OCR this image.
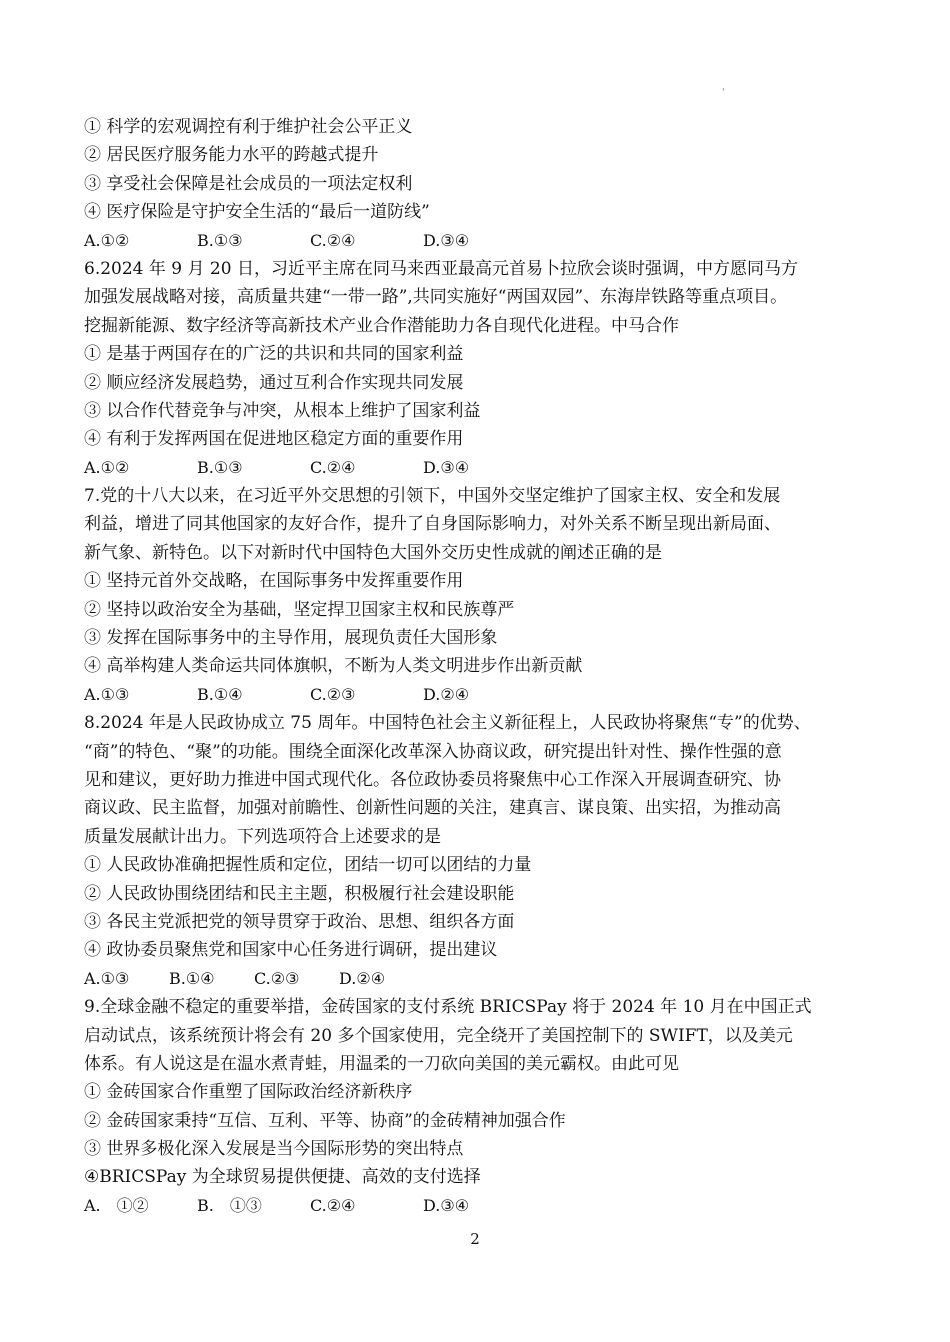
'
① 科学的宏观调控有利于维护社会公平正义
② 居民医疗服务能力水平的跨越式提升
③ 享受社会保障是社会成员的一项法定权利
④ 医疗保险是守护安全生活的“最后一道防线”
A.①②	B.①③	C.②④	D.③④
6.2024 年 9 月 20 日，习近平主席在同马来西亚最高元首易卜拉欣会谈时强调，中方愿同马方
加强发展战略对接，高质量共建“一带一路”,共同实施好“两国双园”、东海岸铁路等重点项目。
挖掘新能源、数字经济等高新技术产业合作潜能助力各自现代化进程。中马合作
① 是基于两国存在的广泛的共识和共同的国家利益
② 顺应经济发展趋势，通过互利合作实现共同发展
③ 以合作代替竞争与冲突，从根本上维护了国家利益
④ 有利于发挥两国在促进地区稳定方面的重要作用
A.①②	B.①③	C.②④	D.③④
7.党的十八大以来，在习近平外交思想的引领下，中国外交坚定维护了国家主权、安全和发展
利益，增进了同其他国家的友好合作，提升了自身国际影响力，对外关系不断呈现出新局面、
新气象、新特色。以下对新时代中国特色大国外交历史性成就的阐述正确的是
① 坚持元首外交战略，在国际事务中发挥重要作用
② 坚持以政治安全为基础，坚定捍卫国家主权和民族尊严
③ 发挥在国际事务中的主导作用，展现负责任大国形象
④ 高举构建人类命运共同体旗帜，不断为人类文明进步作出新贡献
A.①③	B.①④	C.②③	D.②④
8.2024 年是人民政协成立 75 周年。中国特色社会主义新征程上，人民政协将聚焦“专”的优势、
“商”的特色、“聚”的功能。围绕全面深化改革深入协商议政，研究提出针对性、操作性强的意
见和建议，更好助力推进中国式现代化。各位政协委员将聚焦中心工作深入开展调查研究、协
商议政、民主监督，加强对前瞻性、创新性问题的关注，建真言、谋良策、出实招，为推动高
质量发展献计出力。下列选项符合上述要求的是
① 人民政协准确把握性质和定位，团结一切可以团结的力量
② 人民政协围绕团结和民主主题，积极履行社会建设职能
③ 各民主党派把党的领导贯穿于政治、思想、组织各方面
④ 政协委员聚焦党和国家中心任务进行调研，提出建议
A.①③ B.①④ C.②③ D.②④
9.全球金融不稳定的重要举措，金砖国家的支付系统 BRICSPay 将于 2024 年 10 月在中国正式
启动试点，该系统预计将会有 20 多个国家使用，完全绕开了美国控制下的 SWIFT，以及美元
体系。有人说这是在温水煮青蛙，用温柔的一刀砍向美国的美元霸权。由此可见
① 金砖国家合作重塑了国际政治经济新秩序
② 金砖国家秉持“互信、互利、平等、协商”的金砖精神加强合作
③ 世界多极化深入发展是当今国际形势的突出特点
④BRICSPay 为全球贸易提供便捷、高效的支付选择
A.　①②	B.　①③	C.②④	D.③④
2
